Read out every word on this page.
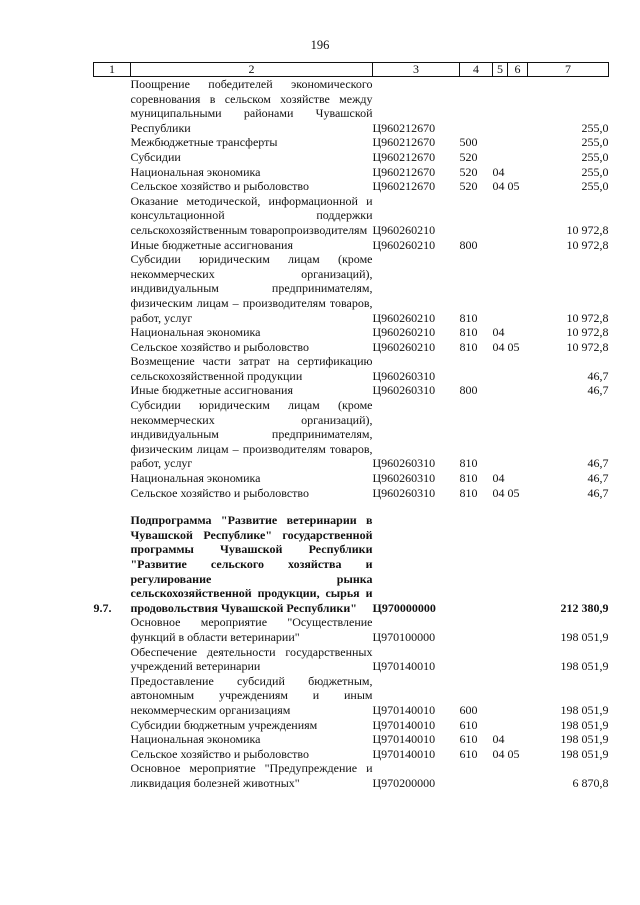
196
1	2	3	4	5	6	7
	Поощрение победителей экономического соревнования в сельском хозяйстве между муниципальными районами Чувашской Республики	Ц960212670				255,0
	Межбюджетные трансферты	Ц960212670	500			255,0
	Субсидии	Ц960212670	520			255,0
	Национальная экономика	Ц960212670	520	04		255,0
	Сельское хозяйство и рыболовство	Ц960212670	520	04	05	255,0
	Оказание методической, информационной и консультационной поддержки сельскохозяйственным товаропроизводителям	Ц960260210				10 972,8
	Иные бюджетные ассигнования	Ц960260210	800			10 972,8
	Субсидии юридическим лицам (кроме некоммерческих организаций), индивидуальным предпринимателям, физическим лицам – производителям товаров, работ, услуг	Ц960260210	810			10 972,8
	Национальная экономика	Ц960260210	810	04		10 972,8
	Сельское хозяйство и рыболовство	Ц960260210	810	04	05	10 972,8
	Возмещение части затрат на сертификацию сельскохозяйственной продукции	Ц960260310				46,7
	Иные бюджетные ассигнования	Ц960260310	800			46,7
	Субсидии юридическим лицам (кроме некоммерческих организаций), индивидуальным предпринимателям, физическим лицам – производителям товаров, работ, услуг	Ц960260310	810			46,7
	Национальная экономика	Ц960260310	810	04		46,7
	Сельское хозяйство и рыболовство	Ц960260310	810	04	05	46,7

9.7.	Подпрограмма "Развитие ветеринарии в Чувашской Республике" государственной программы Чувашской Республики "Развитие сельского хозяйства и регулирование рынка сельскохозяйственной продукции, сырья и продовольствия Чувашской Республики"	Ц970000000				212 380,9
	Основное мероприятие "Осуществление функций в области ветеринарии"	Ц970100000				198 051,9
	Обеспечение деятельности государственных учреждений ветеринарии	Ц970140010				198 051,9
	Предоставление субсидий бюджетным, автономным учреждениям и иным некоммерческим организациям	Ц970140010	600			198 051,9
	Субсидии бюджетным учреждениям	Ц970140010	610			198 051,9
	Национальная экономика	Ц970140010	610	04		198 051,9
	Сельское хозяйство и рыболовство	Ц970140010	610	04	05	198 051,9
	Основное мероприятие "Предупреждение и ликвидация болезней животных"	Ц970200000				6 870,8
